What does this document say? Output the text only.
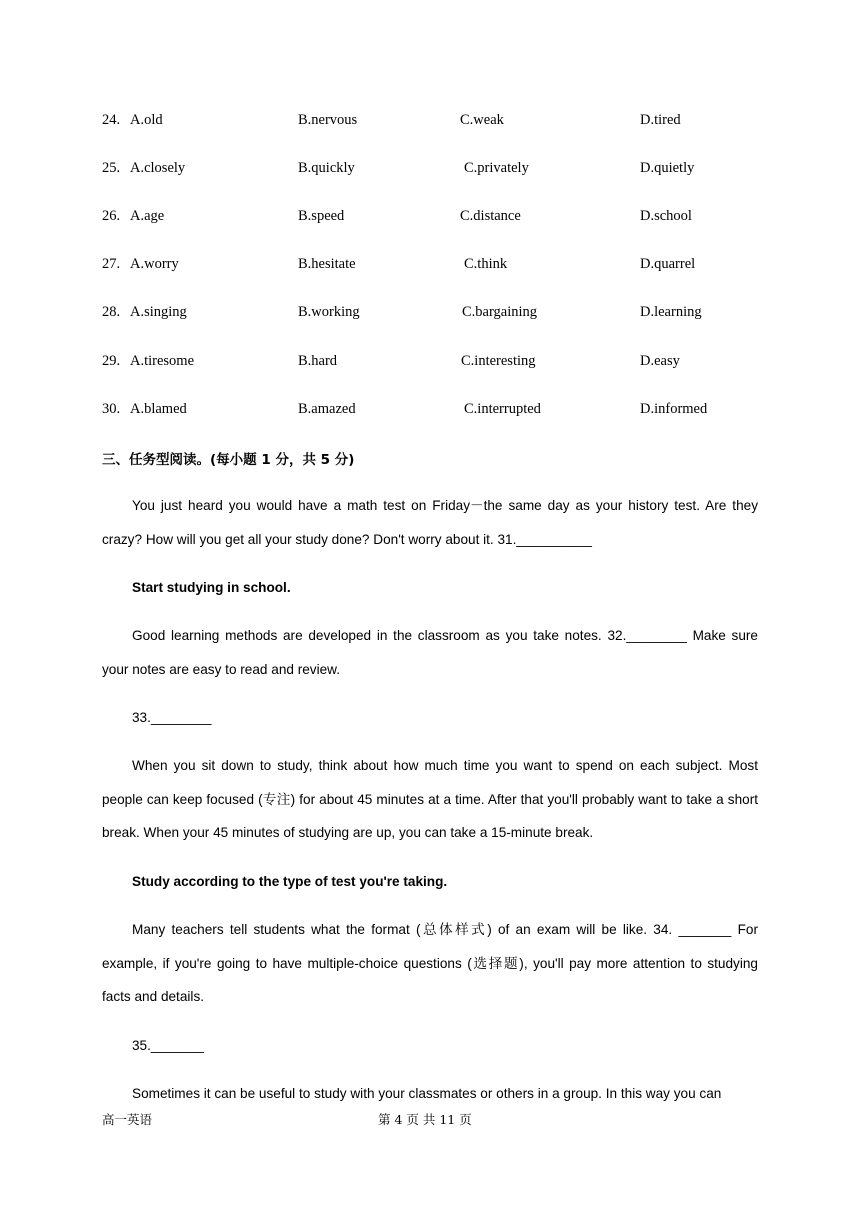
24. A.old	B.nervous	C.weak	D.tired
25. A.closely	B.quickly	C.privately	D.quietly
26. A.age	B.speed	C.distance	D.school
27. A.worry	B.hesitate	C.think	D.quarrel
28. A.singing	B.working	C.bargaining	D.learning
29. A.tiresome	B.hard	C.interesting	D.easy
30. A.blamed	B.amazed	C.interrupted	D.informed
三、任务型阅读。(每小题 1 分，共 5 分)

You just heard you would have a math test on Friday－the same day as your history test. Are they crazy? How will you get all your study done? Don't worry about it. 31.__________

Start studying in school.

Good learning methods are developed in the classroom as you take notes. 32.________ Make sure your notes are easy to read and review.

33.________

When you sit down to study, think about how much time you want to spend on each subject. Most people can keep focused (专注) for about 45 minutes at a time. After that you'll probably want to take a short break. When your 45 minutes of studying are up, you can take a 15-minute break.

Study according to the type of test you're taking.

Many teachers tell students what the format (总体样式) of an exam will be like. 34. _______ For example, if you're going to have multiple-choice questions (选择题), you'll pay more attention to studying facts and details.

35._______

Sometimes it can be useful to study with your classmates or others in a group. In this way you can

高一英语	第 4 页 共 11 页
